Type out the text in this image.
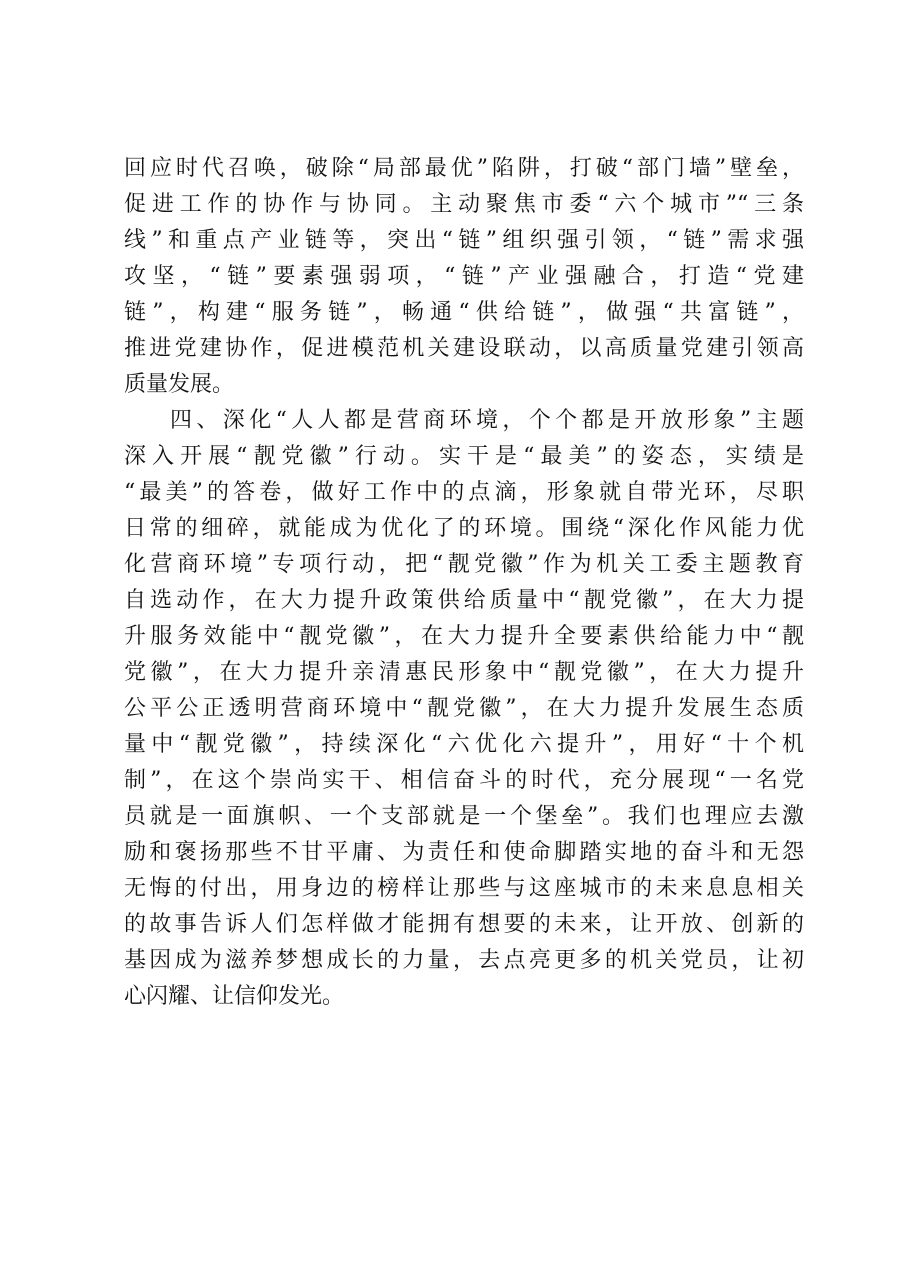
回应时代召唤，破除“局部最优”陷阱，打破“部门墙”壁垒，
促进工作的协作与协同。主动聚焦市委“六个城市”“三条
线”和重点产业链等，突出“链”组织强引领，“链”需求强
攻坚，“链”要素强弱项，“链”产业强融合，打造“党建
链”，构建“服务链”，畅通“供给链”，做强“共富链”，
推进党建协作，促进模范机关建设联动，以高质量党建引领高
质量发展。
四、深化“人人都是营商环境，个个都是开放形象”主题
深入开展“靓党徽”行动。实干是“最美”的姿态，实绩是
“最美”的答卷，做好工作中的点滴，形象就自带光环，尽职
日常的细碎，就能成为优化了的环境。围绕“深化作风能力优
化营商环境”专项行动，把“靓党徽”作为机关工委主题教育
自选动作，在大力提升政策供给质量中“靓党徽”，在大力提
升服务效能中“靓党徽”，在大力提升全要素供给能力中“靓
党徽”，在大力提升亲清惠民形象中“靓党徽”，在大力提升
公平公正透明营商环境中“靓党徽”，在大力提升发展生态质
量中“靓党徽”，持续深化“六优化六提升”，用好“十个机
制”，在这个崇尚实干、相信奋斗的时代，充分展现“一名党
员就是一面旗帜、一个支部就是一个堡垒”。我们也理应去激
励和褒扬那些不甘平庸、为责任和使命脚踏实地的奋斗和无怨
无悔的付出，用身边的榜样让那些与这座城市的未来息息相关
的故事告诉人们怎样做才能拥有想要的未来，让开放、创新的
基因成为滋养梦想成长的力量，去点亮更多的机关党员，让初
心闪耀、让信仰发光。
